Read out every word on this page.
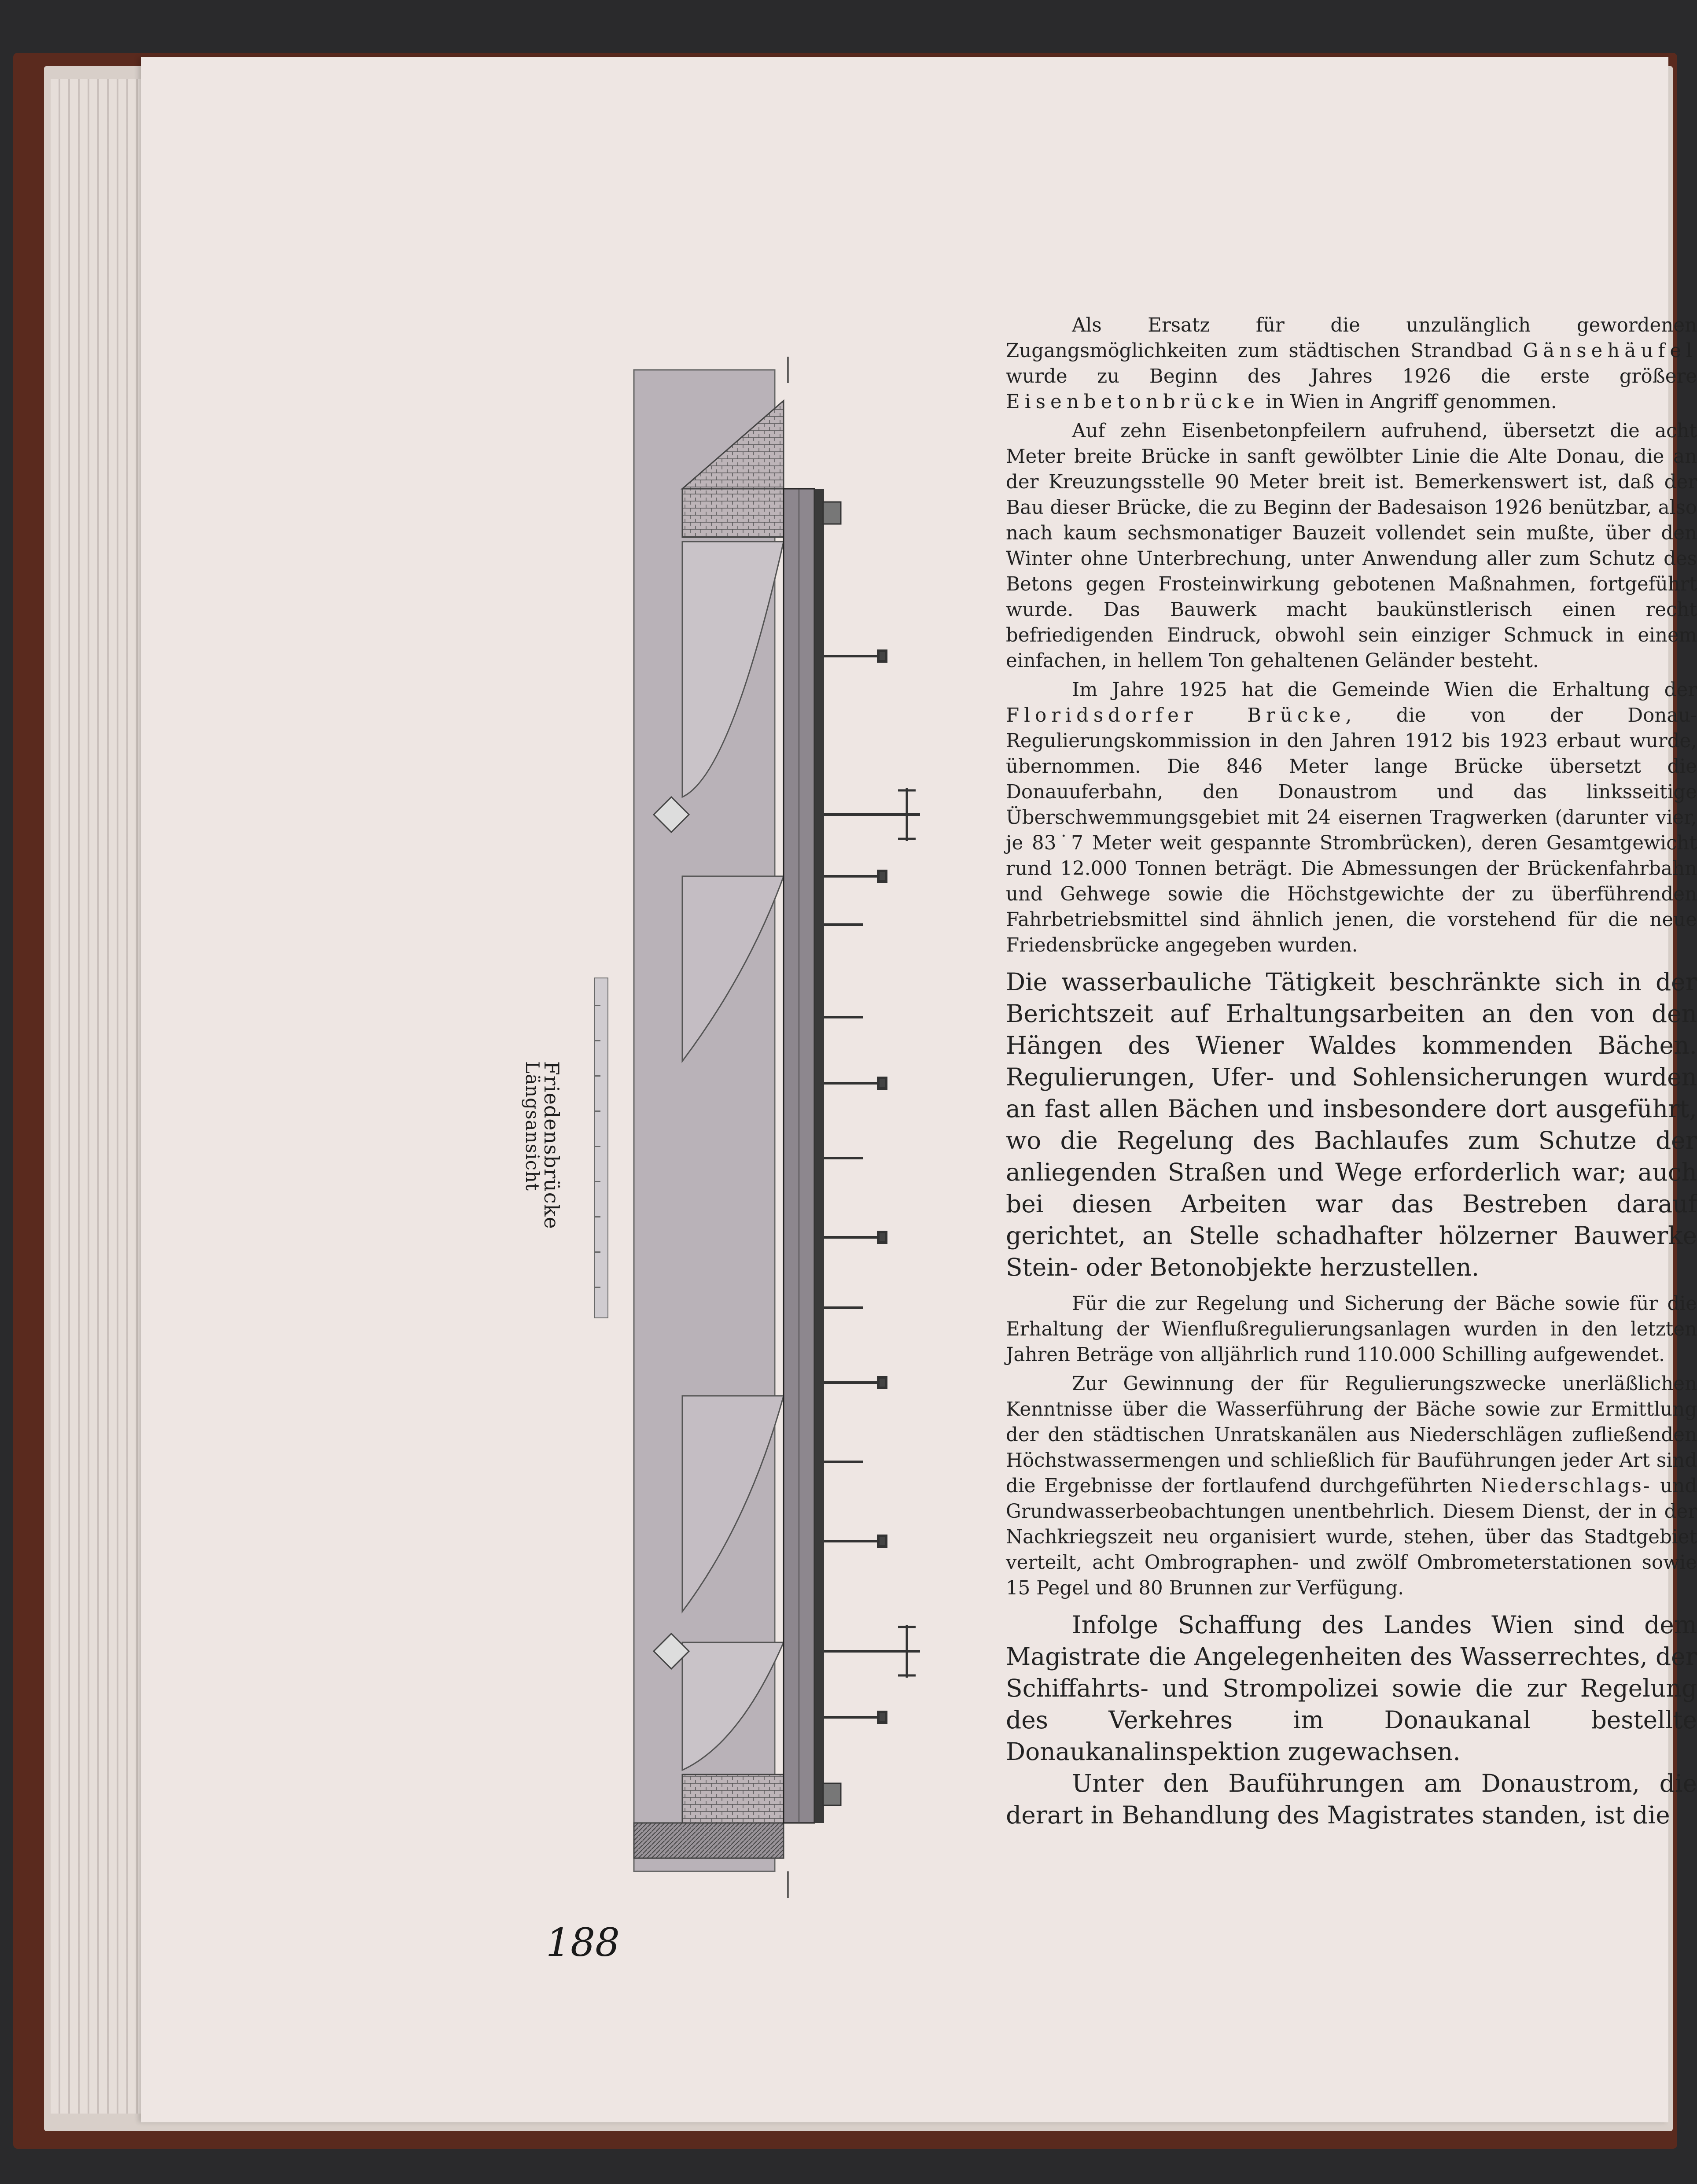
Friedensbrücke
Längsansicht
188

Als Ersatz für die unzulänglich gewordenen Zugangsmöglichkeiten zum städtischen Strandbad Gänsehäufel wurde zu Beginn des Jahres 1926 die erste größere Eisenbetonbrücke in Wien in Angriff genommen.

Auf zehn Eisenbetonpfeilern aufruhend, übersetzt die acht Meter breite Brücke in sanft gewölbter Linie die Alte Donau, die an der Kreuzungsstelle 90 Meter breit ist. Bemerkenswert ist, daß der Bau dieser Brücke, die zu Beginn der Badesaison 1926 benützbar, also nach kaum sechsmonatiger Bauzeit vollendet sein mußte, über den Winter ohne Unterbrechung, unter Anwendung aller zum Schutz des Betons gegen Frosteinwirkung gebotenen Maßnahmen, fortgeführt wurde. Das Bauwerk macht baukünstlerisch einen recht befriedigenden Eindruck, obwohl sein einziger Schmuck in einem einfachen, in hellem Ton gehaltenen Geländer besteht.

Im Jahre 1925 hat die Gemeinde Wien die Erhaltung der Floridsdorfer Brücke, die von der Donau-Regulierungskommission in den Jahren 1912 bis 1923 erbaut wurde, übernommen. Die 846 Meter lange Brücke übersetzt die Donauuferbahn, den Donaustrom und das linksseitige Überschwemmungsgebiet mit 24 eisernen Tragwerken (darunter vier, je 83˙7 Meter weit gespannte Strombrücken), deren Gesamtgewicht rund 12.000 Tonnen beträgt. Die Abmessungen der Brückenfahrbahn und Gehwege sowie die Höchstgewichte der zu überführenden Fahrbetriebsmittel sind ähnlich jenen, die vorstehend für die neue Friedensbrücke angegeben wurden.

Die wasserbauliche Tätigkeit beschränkte sich in der Berichtszeit auf Erhaltungsarbeiten an den von den Hängen des Wiener Waldes kommenden Bächen. Regulierungen, Ufer- und Sohlensicherungen wurden an fast allen Bächen und insbesondere dort ausgeführt, wo die Regelung des Bachlaufes zum Schutze der anliegenden Straßen und Wege erforderlich war; auch bei diesen Arbeiten war das Bestreben darauf gerichtet, an Stelle schadhafter hölzerner Bauwerke Stein- oder Betonobjekte herzustellen.

Für die zur Regelung und Sicherung der Bäche sowie für die Erhaltung der Wienflußregulierungsanlagen wurden in den letzten Jahren Beträge von alljährlich rund 110.000 Schilling aufgewendet.

Zur Gewinnung der für Regulierungszwecke unerläßlichen Kenntnisse über die Wasserführung der Bäche sowie zur Ermittlung der den städtischen Unratskanälen aus Niederschlägen zufließenden Höchstwassermengen und schließlich für Bauführungen jeder Art sind die Ergebnisse der fortlaufend durchgeführten Niederschlags- und Grundwasserbeobachtungen unentbehrlich. Diesem Dienst, der in der Nachkriegszeit neu organisiert wurde, stehen, über das Stadtgebiet verteilt, acht Ombrographen- und zwölf Ombrometerstationen sowie 15 Pegel und 80 Brunnen zur Verfügung.

Infolge Schaffung des Landes Wien sind dem Magistrate die Angelegenheiten des Wasserrechtes, der Schiffahrts- und Strompolizei sowie die zur Regelung des Verkehres im Donaukanal bestellte Donaukanalinspektion zugewachsen.

Unter den Bauführungen am Donaustrom, die derart in Behandlung des Magistrates standen, ist die
